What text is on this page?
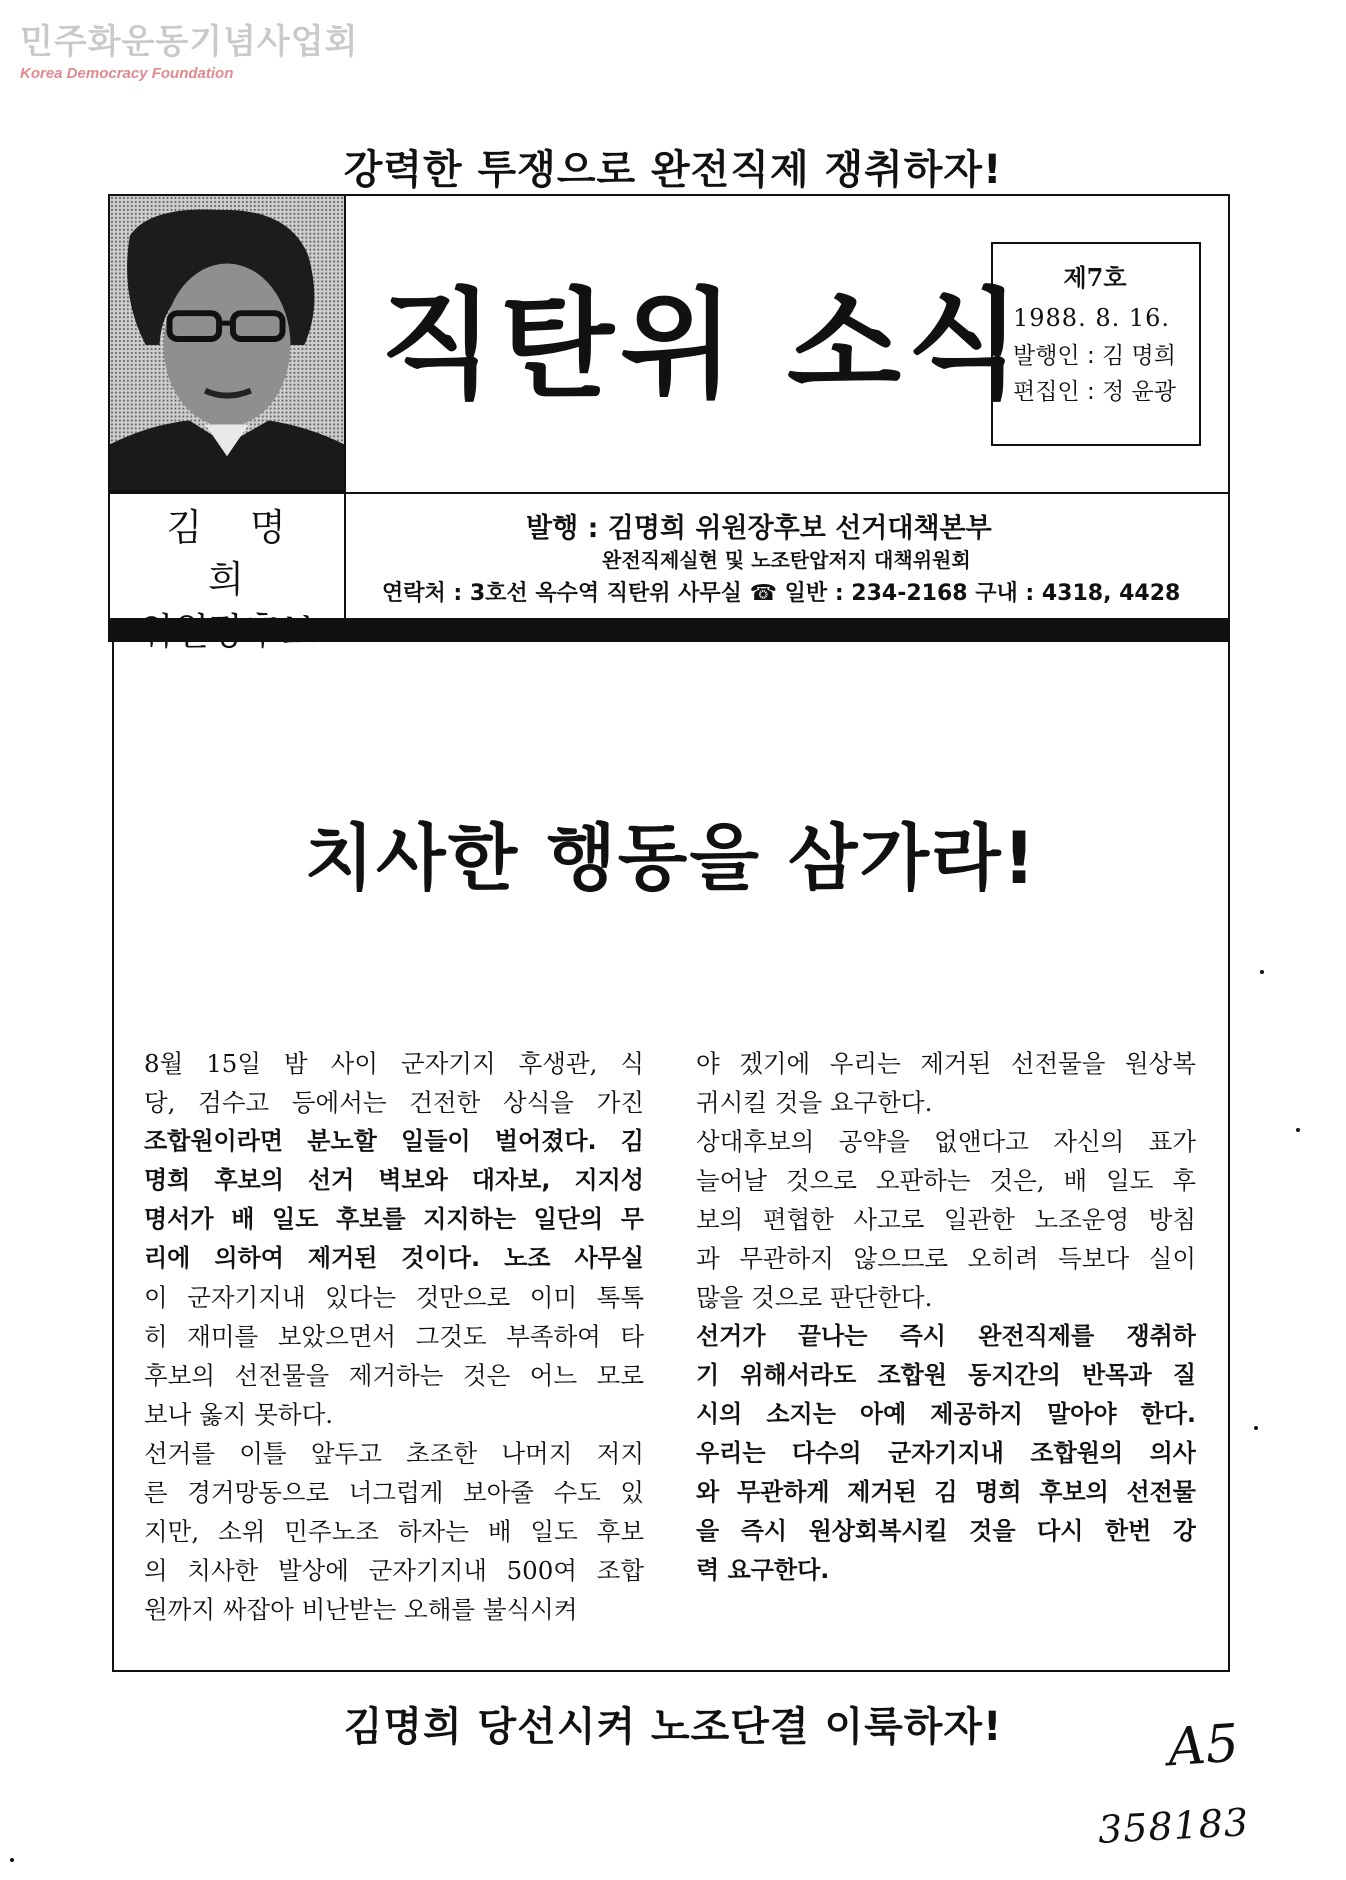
민주화운동기념사업회
Korea Democracy Foundation
강력한 투쟁으로 완전직제 쟁취하자!
직탄위 소식	제7호
1988. 8. 16.
발행인 : 김 명희
편집인 : 정 윤광
김 명 희
발행 : 김명희 위원장후보 선거대책본부
완전직제실현 및 노조탄압저지 대책위원회
연락처 : 3호선 옥수역 직탄위 사무실 ☎ 일반 : 234-2168 구내 : 4318, 4428
치사한 행동을 삼가라!
8월 15일 밤 사이 군자기지 후생관, 식
당, 검수고 등에서는 건전한 상식을 가진
조합원이라면 분노할 일들이 벌어졌다. 김
명희 후보의 선거 벽보와 대자보, 지지성
명서가 배 일도 후보를 지지하는 일단의 무
리에 의하여 제거된 것이다. 노조 사무실
이 군자기지내 있다는 것만으로 이미 톡톡
히 재미를 보았으면서 그것도 부족하여 타
후보의 선전물을 제거하는 것은 어느 모로
보나 옳지 못하다.
선거를 이틀 앞두고 초조한 나머지 저지
른 경거망동으로 너그럽게 보아줄 수도 있
지만, 소위 민주노조 하자는 배 일도 후보
의 치사한 발상에 군자기지내 500여 조합
원까지 싸잡아 비난받는 오해를 불식시켜
야 겠기에 우리는 제거된 선전물을 원상복
귀시킬 것을 요구한다.
상대후보의 공약을 없앤다고 자신의 표가
늘어날 것으로 오판하는 것은, 배 일도 후
보의 편협한 사고로 일관한 노조운영 방침
과 무관하지 않으므로 오히려 득보다 실이
많을 것으로 판단한다.
선거가 끝나는 즉시 완전직제를 쟁취하
기 위해서라도 조합원 동지간의 반목과 질
시의 소지는 아예 제공하지 말아야 한다.
우리는 다수의 군자기지내 조합원의 의사
와 무관하게 제거된 김 명희 후보의 선전물
을 즉시 원상회복시킬 것을 다시 한번 강
력 요구한다.
김명희 당선시켜 노조단결 이룩하자!	A5
358183
